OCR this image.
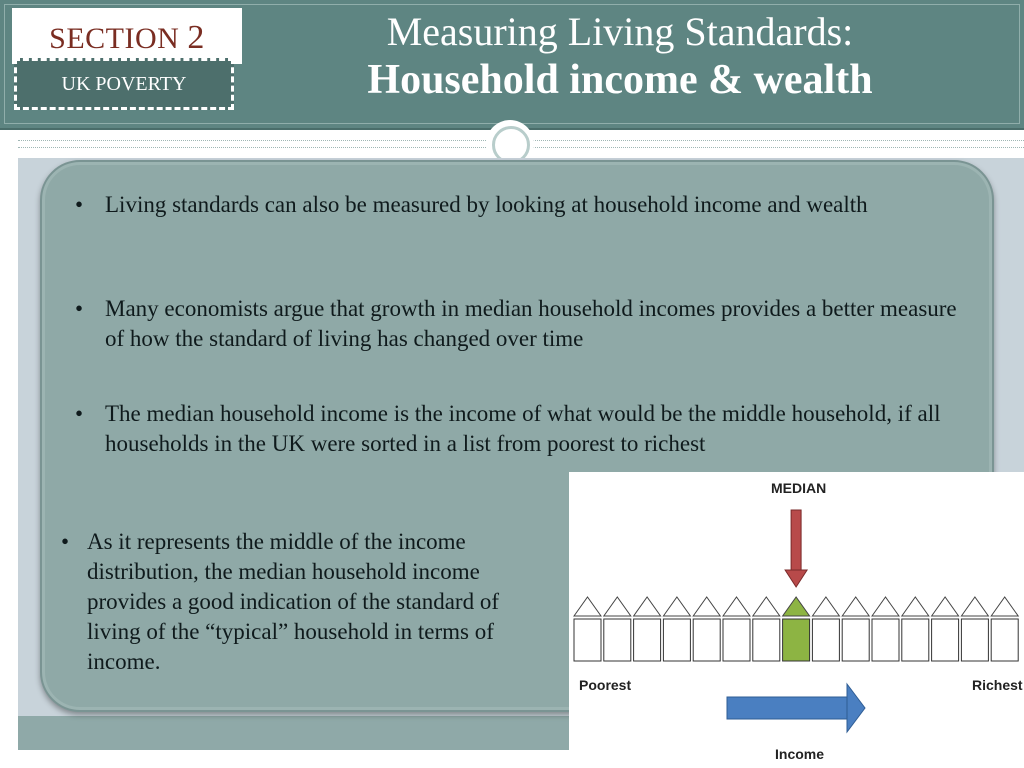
SECTION 2
UK POVERTY
Measuring Living Standards:
Household income & wealth
• Living standards can also be measured by looking at household income and wealth
• Many economists argue that growth in median household incomes provides a better measure of how the standard of living has changed over time
• The median household income is the income of what would be the middle household, if all households in the UK were sorted in a list from poorest to richest
• As it represents the middle of the income distribution, the median household income provides a good indication of the standard of living of the “typical” household in terms of income.
MEDIAN
Poorest	Richest
Income
